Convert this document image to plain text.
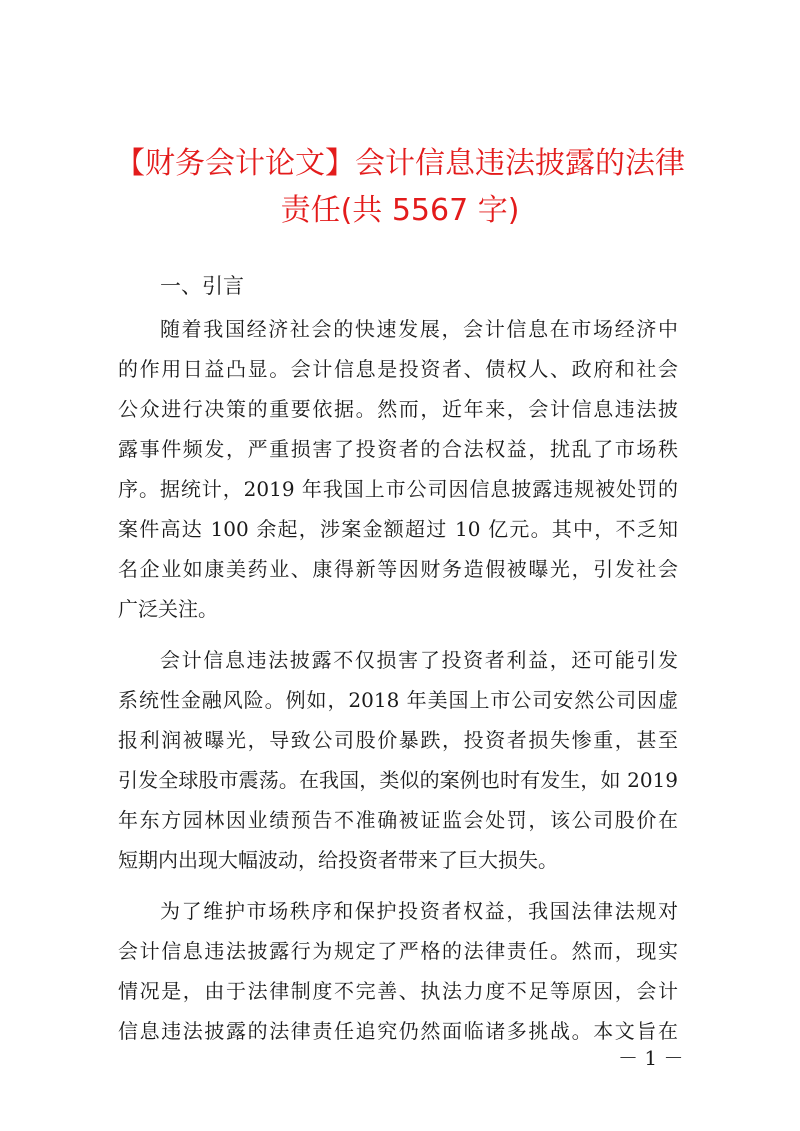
【财务会计论文】会计信息违法披露的法律
责任(共 5567 字)
一、引言

随着我国经济社会的快速发展，会计信息在市场经济中

的作用日益凸显。会计信息是投资者、债权人、政府和社会

公众进行决策的重要依据。然而，近年来，会计信息违法披

露事件频发，严重损害了投资者的合法权益，扰乱了市场秩

序。据统计，2019 年我国上市公司因信息披露违规被处罚的

案件高达 100 余起，涉案金额超过 10 亿元。其中，不乏知

名企业如康美药业、康得新等因财务造假被曝光，引发社会

广泛关注。

会计信息违法披露不仅损害了投资者利益，还可能引发

系统性金融风险。例如，2018 年美国上市公司安然公司因虚

报利润被曝光，导致公司股价暴跌，投资者损失惨重，甚至

引发全球股市震荡。在我国，类似的案例也时有发生，如 2019

年东方园林因业绩预告不准确被证监会处罚，该公司股价在

短期内出现大幅波动，给投资者带来了巨大损失。

为了维护市场秩序和保护投资者权益，我国法律法规对

会计信息违法披露行为规定了严格的法律责任。然而，现实

情况是，由于法律制度不完善、执法力度不足等原因，会计

信息违法披露的法律责任追究仍然面临诸多挑战。本文旨在

－ 1 －
